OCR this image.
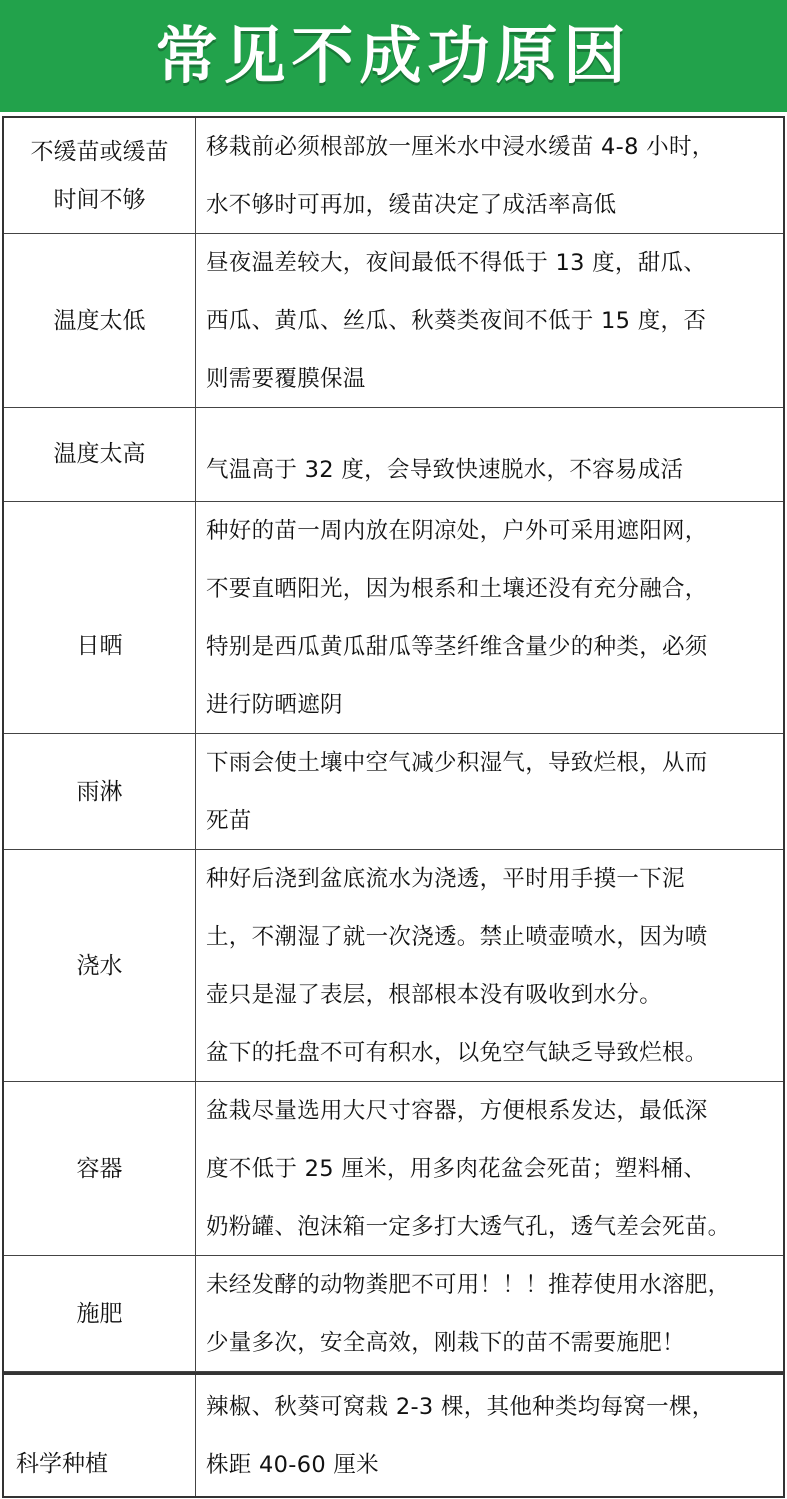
常见不成功原因
不缓苗或缓苗
时间不够
移栽前必须根部放一厘米水中浸水缓苗 4-8 小时，
水不够时可再加，缓苗决定了成活率高低
温度太低
昼夜温差较大，夜间最低不得低于 13 度，甜瓜、
西瓜、黄瓜、丝瓜、秋葵类夜间不低于 15 度，否
则需要覆膜保温
温度太高
气温高于 32 度，会导致快速脱水，不容易成活
日晒
种好的苗一周内放在阴凉处，户外可采用遮阳网，
不要直晒阳光，因为根系和土壤还没有充分融合，
特别是西瓜黄瓜甜瓜等茎纤维含量少的种类，必须
进行防晒遮阴
雨淋
下雨会使土壤中空气减少积湿气，导致烂根，从而
死苗
浇水
种好后浇到盆底流水为浇透，平时用手摸一下泥
土，不潮湿了就一次浇透。禁止喷壶喷水，因为喷
壶只是湿了表层，根部根本没有吸收到水分。
盆下的托盘不可有积水，以免空气缺乏导致烂根。
容器
盆栽尽量选用大尺寸容器，方便根系发达，最低深
度不低于 25 厘米，用多肉花盆会死苗；塑料桶、
奶粉罐、泡沫箱一定多打大透气孔，透气差会死苗。
施肥
未经发酵的动物粪肥不可用！！！推荐使用水溶肥，
少量多次，安全高效，刚栽下的苗不需要施肥！
科学种植
辣椒、秋葵可窝栽 2-3 棵，其他种类均每窝一棵，
株距 40-60 厘米
